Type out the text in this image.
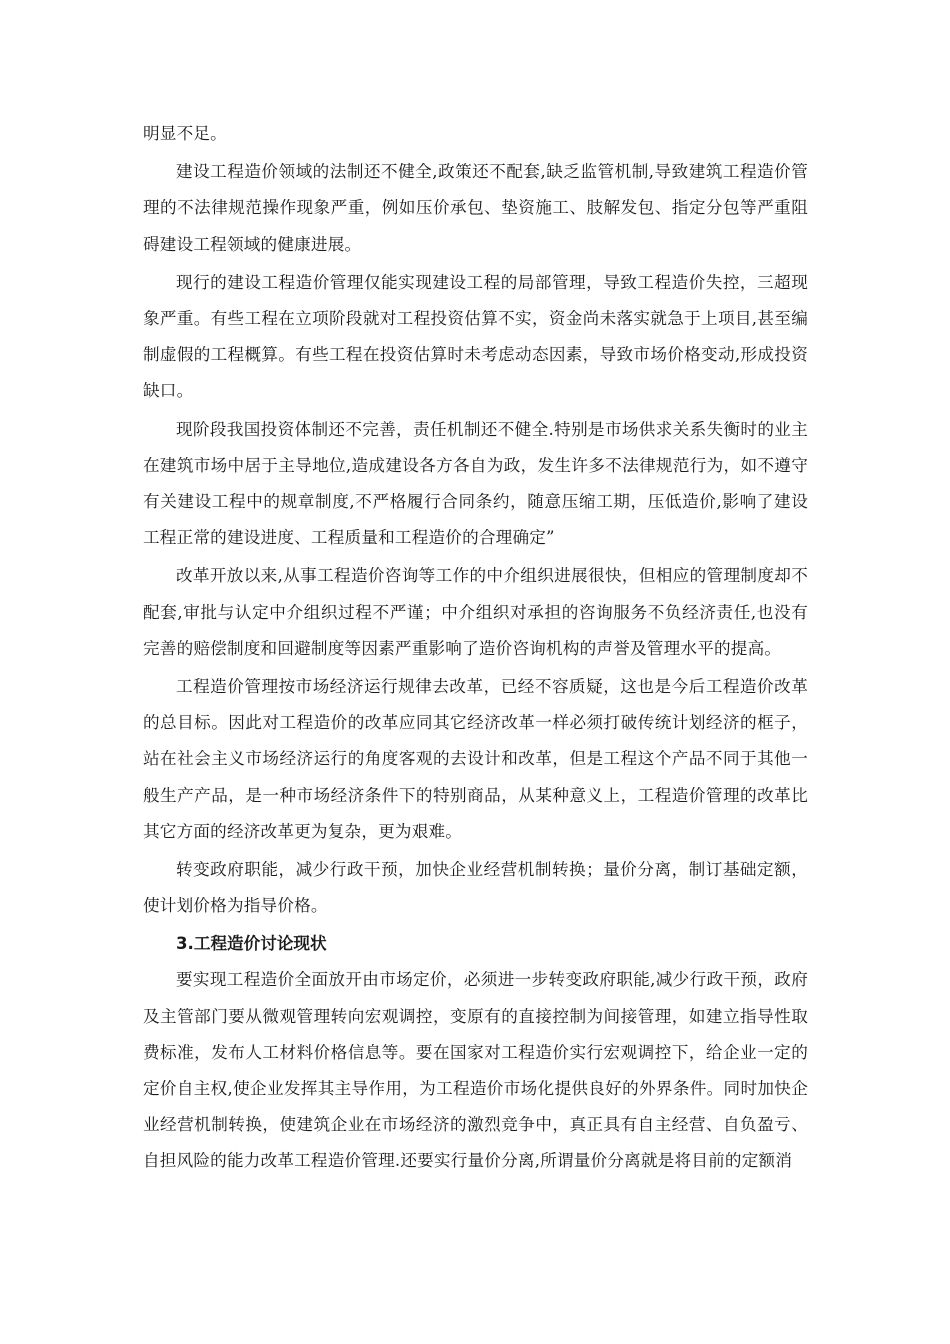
明显不足。

建设工程造价领域的法制还不健全,政策还不配套,缺乏监管机制,导致建筑工程造价管理的不法律规范操作现象严重，例如压价承包、垫资施工、肢解发包、指定分包等严重阻碍建设工程领域的健康进展。

现行的建设工程造价管理仅能实现建设工程的局部管理，导致工程造价失控，三超现象严重。有些工程在立项阶段就对工程投资估算不实，资金尚未落实就急于上项目,甚至编制虚假的工程概算。有些工程在投资估算时未考虑动态因素，导致市场价格变动,形成投资缺口。

现阶段我国投资体制还不完善，责任机制还不健全.特别是市场供求关系失衡时的业主在建筑市场中居于主导地位,造成建设各方各自为政，发生许多不法律规范行为，如不遵守有关建设工程中的规章制度,不严格履行合同条约，随意压缩工期，压低造价,影响了建设工程正常的建设进度、工程质量和工程造价的合理确定”

改革开放以来,从事工程造价咨询等工作的中介组织进展很快，但相应的管理制度却不配套,审批与认定中介组织过程不严谨；中介组织对承担的咨询服务不负经济责任,也没有完善的赔偿制度和回避制度等因素严重影响了造价咨询机构的声誉及管理水平的提高。

工程造价管理按市场经济运行规律去改革，已经不容质疑，这也是今后工程造价改革的总目标。因此对工程造价的改革应同其它经济改革一样必须打破传统计划经济的框子，站在社会主义市场经济运行的角度客观的去设计和改革，但是工程这个产品不同于其他一般生产产品，是一种市场经济条件下的特别商品，从某种意义上，工程造价管理的改革比其它方面的经济改革更为复杂，更为艰难。

转变政府职能，减少行政干预，加快企业经营机制转换；量价分离，制订基础定额，使计划价格为指导价格。

3.工程造价讨论现状

要实现工程造价全面放开由市场定价，必须进一步转变政府职能,减少行政干预，政府及主管部门要从微观管理转向宏观调控，变原有的直接控制为间接管理，如建立指导性取费标准，发布人工材料价格信息等。要在国家对工程造价实行宏观调控下，给企业一定的定价自主权,使企业发挥其主导作用，为工程造价市场化提供良好的外界条件。同时加快企业经营机制转换，使建筑企业在市场经济的激烈竞争中，真正具有自主经营、自负盈亏、自担风险的能力改革工程造价管理.还要实行量价分离,所谓量价分离就是将目前的定额消
